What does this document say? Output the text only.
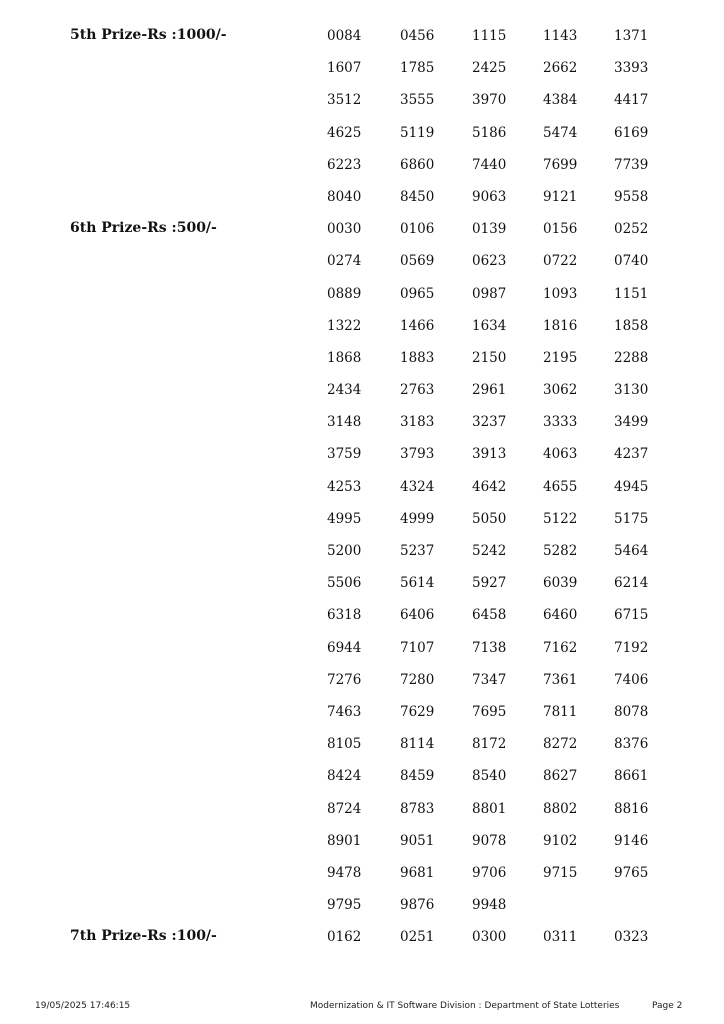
5th Prize-Rs :1000/-	0084	0456	1115	1143	1371
1607	1785	2425	2662	3393
3512	3555	3970	4384	4417
4625	5119	5186	5474	6169
6223	6860	7440	7699	7739
8040	8450	9063	9121	9558
6th Prize-Rs :500/-	0030	0106	0139	0156	0252
0274	0569	0623	0722	0740
0889	0965	0987	1093	1151
1322	1466	1634	1816	1858
1868	1883	2150	2195	2288
2434	2763	2961	3062	3130
3148	3183	3237	3333	3499
3759	3793	3913	4063	4237
4253	4324	4642	4655	4945
4995	4999	5050	5122	5175
5200	5237	5242	5282	5464
5506	5614	5927	6039	6214
6318	6406	6458	6460	6715
6944	7107	7138	7162	7192
7276	7280	7347	7361	7406
7463	7629	7695	7811	8078
8105	8114	8172	8272	8376
8424	8459	8540	8627	8661
8724	8783	8801	8802	8816
8901	9051	9078	9102	9146
9478	9681	9706	9715	9765
9795	9876	9948
7th Prize-Rs :100/-	0162	0251	0300	0311	0323
19/05/2025 17:46:15	Modernization & IT Software Division : Department of State Lotteries	Page 2
